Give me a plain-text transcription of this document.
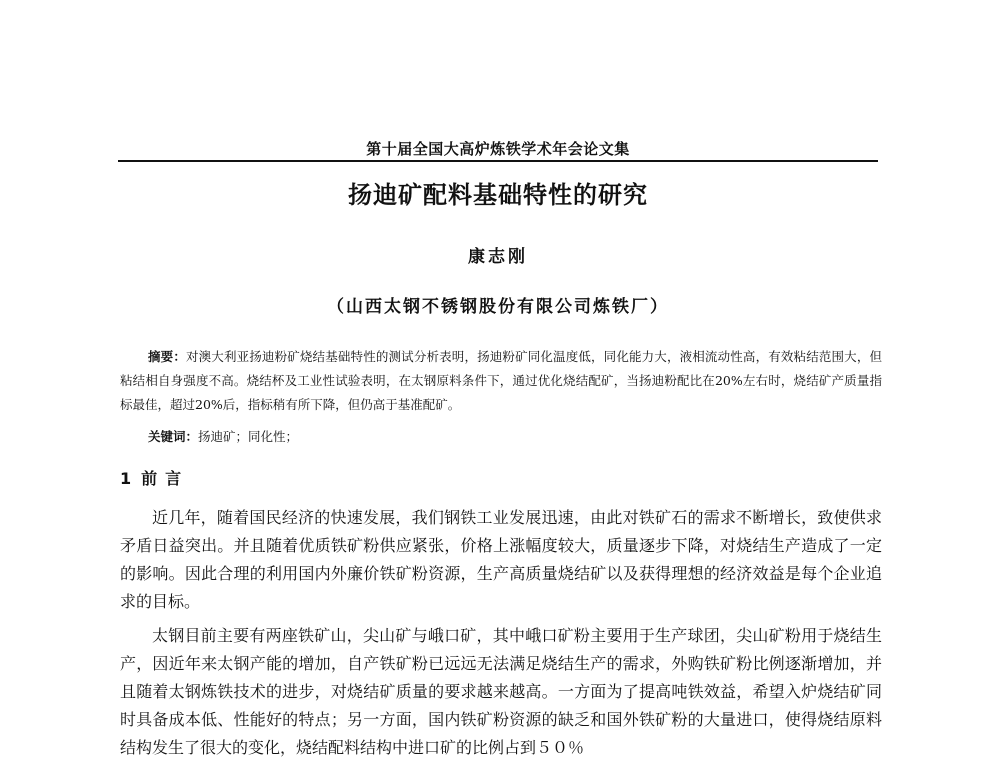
第十届全国大高炉炼铁学术年会论文集
扬迪矿配料基础特性的研究
康志刚
（山西太钢不锈钢股份有限公司炼铁厂）
摘要：对澳大利亚扬迪粉矿烧结基础特性的测试分析表明，扬迪粉矿同化温度低，同化能力大，液相流动性高，有效粘结范围大，但粘结相自身强度不高。烧结杯及工业性试验表明，在太钢原料条件下，通过优化烧结配矿，当扬迪粉配比在20%左右时，烧结矿产质量指标最佳，超过20%后，指标稍有所下降，但仍高于基准配矿。
关键词：扬迪矿；同化性；
1 前言
近几年，随着国民经济的快速发展，我们钢铁工业发展迅速，由此对铁矿石的需求不断增长，致使供求矛盾日益突出。并且随着优质铁矿粉供应紧张，价格上涨幅度较大，质量逐步下降，对烧结生产造成了一定的影响。因此合理的利用国内外廉价铁矿粉资源，生产高质量烧结矿以及获得理想的经济效益是每个企业追求的目标。
太钢目前主要有两座铁矿山，尖山矿与峨口矿，其中峨口矿粉主要用于生产球团，尖山矿粉用于烧结生产，因近年来太钢产能的增加，自产铁矿粉已远远无法满足烧结生产的需求，外购铁矿粉比例逐渐增加，并且随着太钢炼铁技术的进步，对烧结矿质量的要求越来越高。一方面为了提高吨铁效益，希望入炉烧结矿同时具备成本低、性能好的特点；另一方面，国内铁矿粉资源的缺乏和国外铁矿粉的大量进口，使得烧结原料结构发生了很大的变化，烧结配料结构中进口矿的比例占到５０％
